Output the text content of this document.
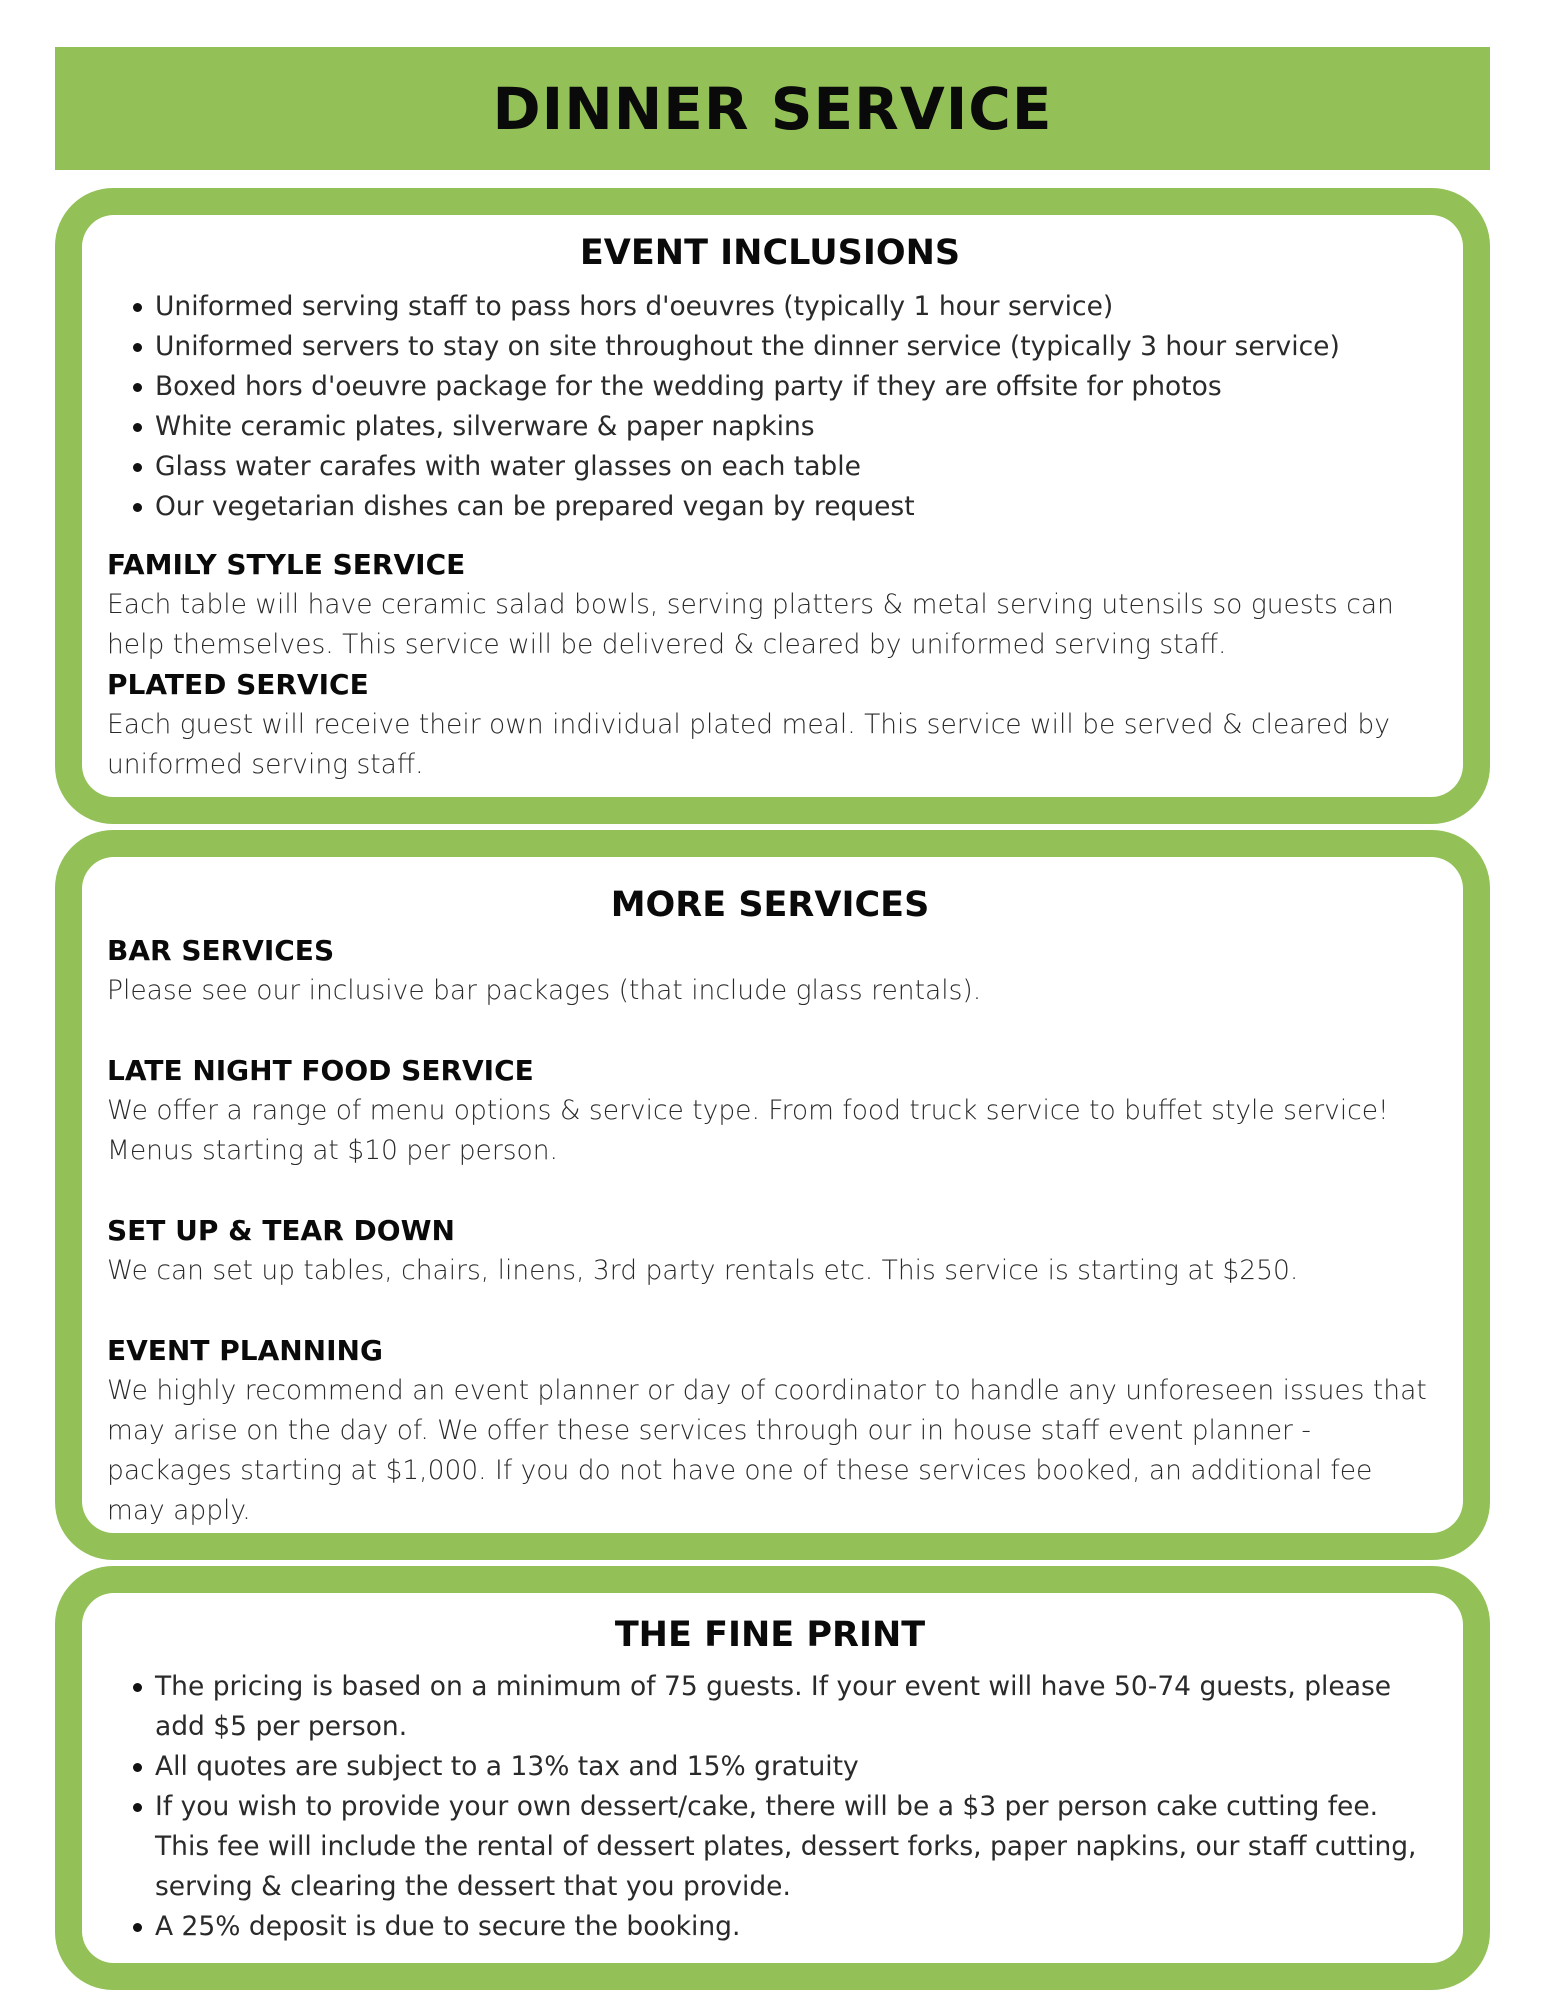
DINNER SERVICE
EVENT INCLUSIONS
Uniformed serving staff to pass hors d'oeuvres (typically 1 hour service)
Uniformed servers to stay on site throughout the dinner service (typically 3 hour service)
Boxed hors d'oeuvre package for the wedding party if they are offsite for photos
White ceramic plates, silverware & paper napkins
Glass water carafes with water glasses on each table
Our vegetarian dishes can be prepared vegan by request

FAMILY STYLE SERVICE

Each table will have ceramic salad bowls, serving platters & metal serving utensils so guests can help themselves. This service will be delivered & cleared by uniformed serving staff.

PLATED SERVICE

Each guest will receive their own individual plated meal. This service will be served & cleared by uniformed serving staff.

MORE SERVICES

BAR SERVICES

Please see our inclusive bar packages (that include glass rentals).

LATE NIGHT FOOD SERVICE

We offer a range of menu options & service type. From food truck service to buffet style service! Menus starting at $10 per person.

SET UP & TEAR DOWN

We can set up tables, chairs, linens, 3rd party rentals etc. This service is starting at $250.

EVENT PLANNING

We highly recommend an event planner or day of coordinator to handle any unforeseen issues that may arise on the day of. We offer these services through our in house staff event planner - packages starting at $1,000. If you do not have one of these services booked, an additional fee may apply.

THE FINE PRINT
The pricing is based on a minimum of 75 guests. If your event will have 50-74 guests, please add $5 per person.
All quotes are subject to a 13% tax and 15% gratuity
If you wish to provide your own dessert/cake, there will be a $3 per person cake cutting fee. This fee will include the rental of dessert plates, dessert forks, paper napkins, our staff cutting, serving & clearing the dessert that you provide.
A 25% deposit is due to secure the booking.
